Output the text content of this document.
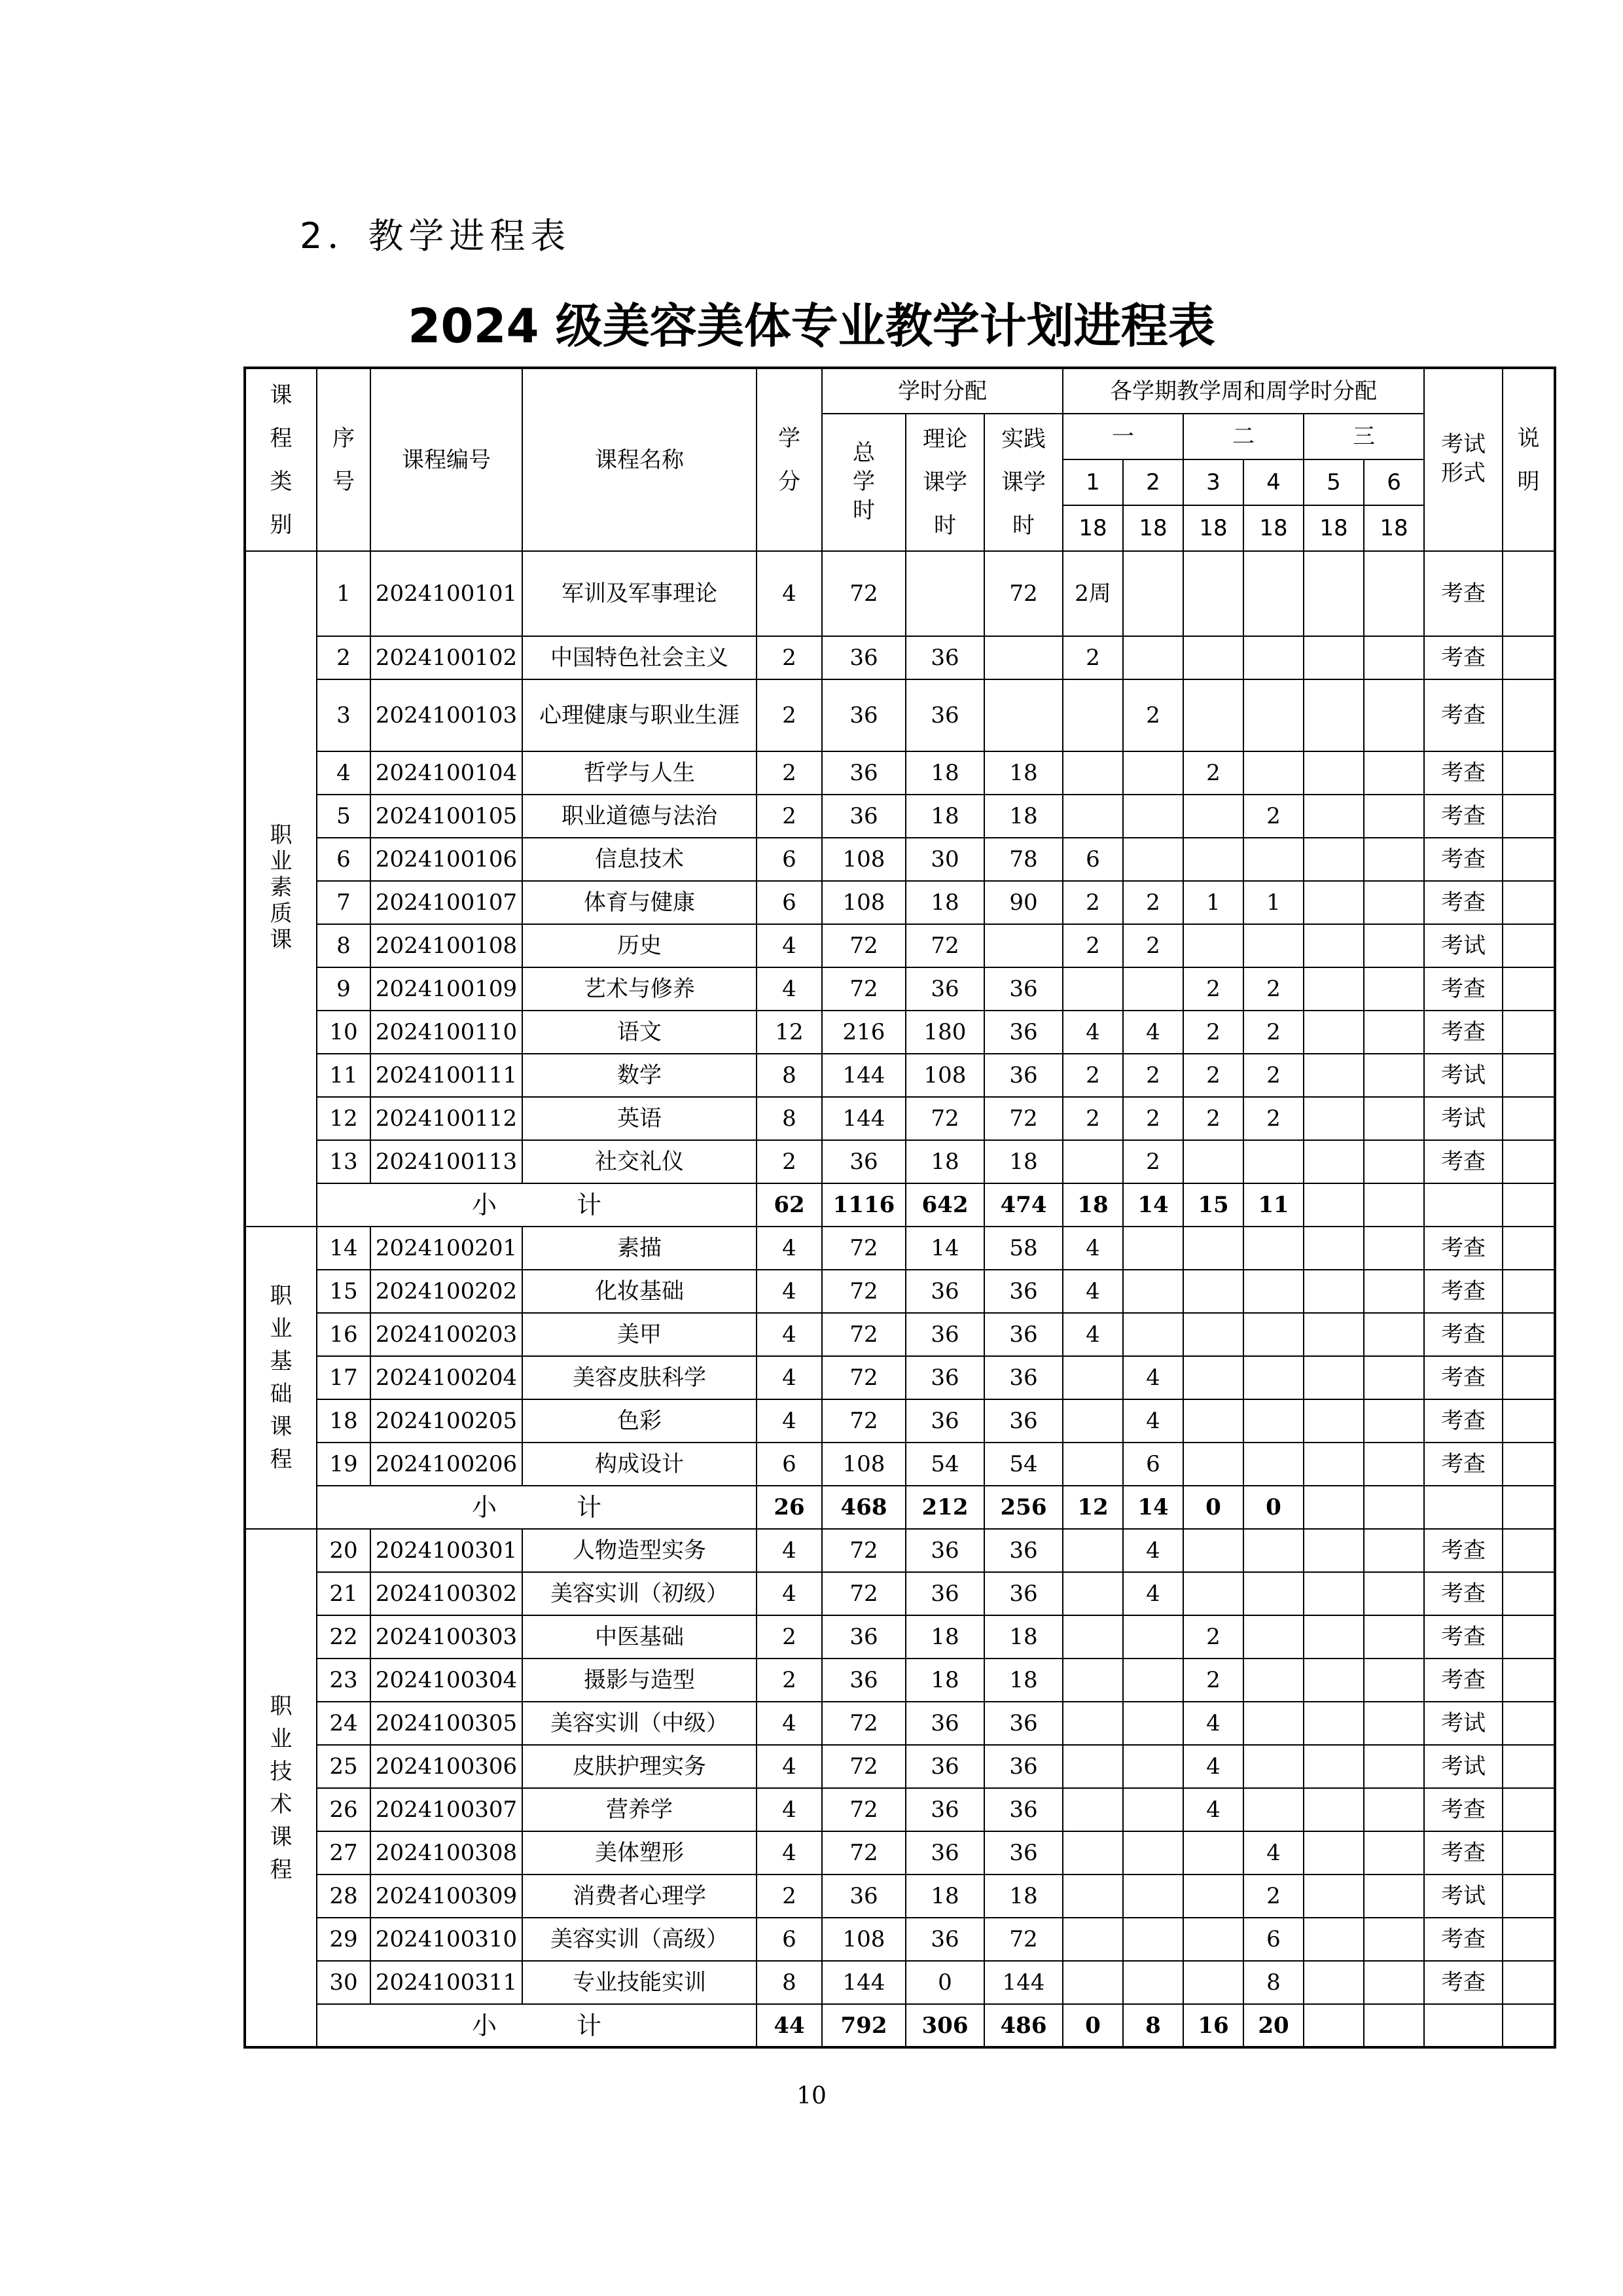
2．教学进程表
2024 级美容美体专业教学计划进程表
课程类别	序号	课程编号	课程名称	学分	学时分配			各学期教学周和周学时分配						考试形式	说明
					总学时	理论课学时	实践课学时	一		二		三			
								1	2	3	4	5	6		
								18	18	18	18	18	18		
职业素质课	1	2024100101	军训及军事理论	4	72		72	2周						考查	
	2	2024100102	中国特色社会主义	2	36	36		2						考查	
	3	2024100103	心理健康与职业生涯	2	36	36			2					考查	
	4	2024100104	哲学与人生	2	36	18	18			2				考查	
	5	2024100105	职业道德与法治	2	36	18	18				2			考查	
	6	2024100106	信息技术	6	108	30	78	6						考查	
	7	2024100107	体育与健康	6	108	18	90	2	2	1	1			考查	
	8	2024100108	历史	4	72	72		2	2					考试	
	9	2024100109	艺术与修养	4	72	36	36			2	2			考查	
	10	2024100110	语文	12	216	180	36	4	4	2	2			考查	
	11	2024100111	数学	8	144	108	36	2	2	2	2			考试	
	12	2024100112	英语	8	144	72	72	2	2	2	2			考试	
	13	2024100113	社交礼仪	2	36	18	18		2					考查	
	小 计			62	1116	642	474	18	14	15	11				
职业基础课程	14	2024100201	素描	4	72	14	58	4						考查	
	15	2024100202	化妆基础	4	72	36	36	4						考查	
	16	2024100203	美甲	4	72	36	36	4						考查	
	17	2024100204	美容皮肤科学	4	72	36	36		4					考查	
	18	2024100205	色彩	4	72	36	36		4					考查	
	19	2024100206	构成设计	6	108	54	54		6					考查	
	小 计			26	468	212	256	12	14	0	0				
职业技术课程	20	2024100301	人物造型实务	4	72	36	36		4					考查	
	21	2024100302	美容实训（初级）	4	72	36	36		4					考查	
	22	2024100303	中医基础	2	36	18	18			2				考查	
	23	2024100304	摄影与造型	2	36	18	18			2				考查	
	24	2024100305	美容实训（中级）	4	72	36	36			4				考试	
	25	2024100306	皮肤护理实务	4	72	36	36			4				考试	
	26	2024100307	营养学	4	72	36	36			4				考查	
	27	2024100308	美体塑形	4	72	36	36				4			考查	
	28	2024100309	消费者心理学	2	36	18	18				2			考试	
	29	2024100310	美容实训（高级）	6	108	36	72				6			考查	
	30	2024100311	专业技能实训	8	144	0	144				8			考查	
	小 计			44	792	306	486	0	8	16	20				
10
